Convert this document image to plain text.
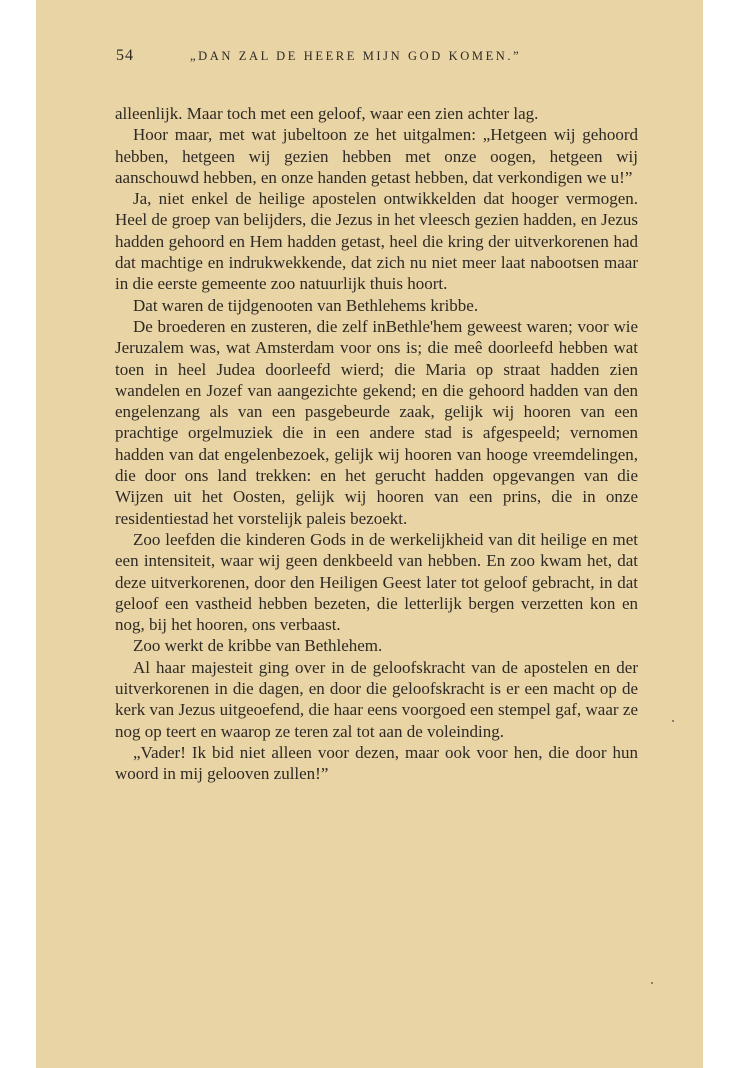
54	„DAN ZAL DE HEERE MIJN GOD KOMEN.”

alleenlijk. Maar toch met een geloof, waar een zien achter lag.

Hoor maar, met wat jubeltoon ze het uitgalmen: „Hetgeen wij gehoord hebben, hetgeen wij gezien hebben met onze oogen, hetgeen wij aanschouwd hebben, en onze handen getast hebben, dat verkondigen we u!”

Ja, niet enkel de heilige apostelen ontwikkelden dat hooger vermogen. Heel de groep van belijders, die Jezus in het vleesch gezien hadden, en Jezus hadden gehoord en Hem hadden getast, heel die kring der uitverkorenen had dat machtige en indrukwekkende, dat zich nu niet meer laat nabootsen maar in die eerste gemeente zoo natuurlijk thuis hoort.

Dat waren de tijdgenooten van Bethlehems kribbe.

De broederen en zusteren, die zelf inBethle'hem geweest waren; voor wie Jeruzalem was, wat Amsterdam voor ons is; die meê doorleefd hebben wat toen in heel Judea doorleefd wierd; die Maria op straat hadden zien wandelen en Jozef van aangezichte gekend; en die gehoord hadden van den engelenzang als van een pasgebeurde zaak, gelijk wij hooren van een prachtige orgelmuziek die in een andere stad is afgespeeld; vernomen hadden van dat engelenbezoek, gelijk wij hooren van hooge vreemdelingen, die door ons land trekken: en het gerucht hadden opgevangen van die Wijzen uit het Oosten, gelijk wij hooren van een prins, die in onze residentiestad het vorstelijk paleis bezoekt.

Zoo leefden die kinderen Gods in de werkelijkheid van dit heilige en met een intensiteit, waar wij geen denkbeeld van hebben. En zoo kwam het, dat deze uitverkorenen, door den Heiligen Geest later tot geloof gebracht, in dat geloof een vastheid hebben bezeten, die letterlijk bergen verzetten kon en nog, bij het hooren, ons verbaast.

Zoo werkt de kribbe van Bethlehem.

Al haar majesteit ging over in de geloofskracht van de apostelen en der uitverkorenen in die dagen, en door die geloofskracht is er een macht op de kerk van Jezus uitgeoefend, die haar eens voorgoed een stempel gaf, waar ze nog op teert en waarop ze teren zal tot aan de voleinding.

„Vader! Ik bid niet alleen voor dezen, maar ook voor hen, die door hun woord in mij gelooven zullen!”
